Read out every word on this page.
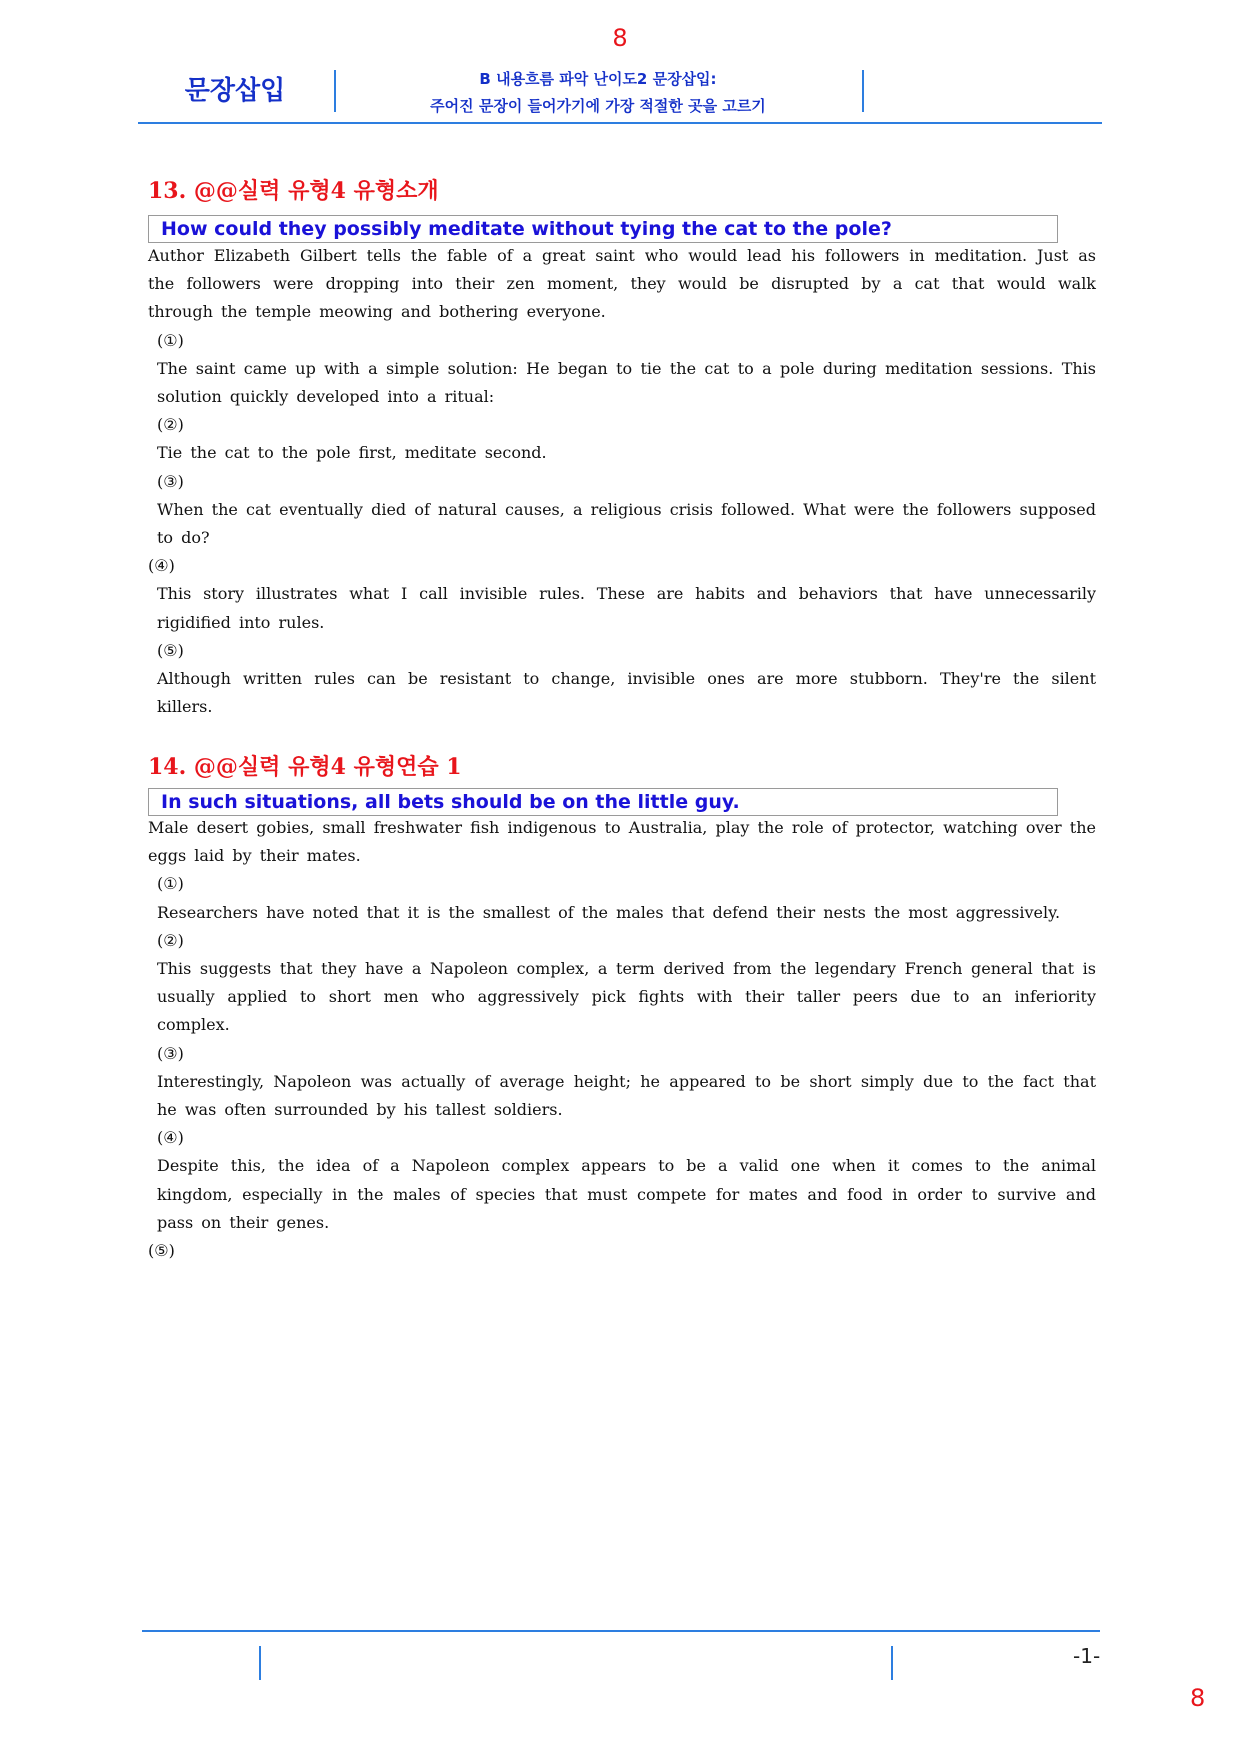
8
문장삽입	B 내용흐름 파악 난이도2 문장삽입:
주어진 문장이 들어가기에 가장 적절한 곳을 고르기
13. @@실력 유형4 유형소개
How could they possibly meditate without tying the cat to the pole?

Author Elizabeth Gilbert tells the fable of a great saint who would lead his followers in meditation. Just as the followers were dropping into their zen moment, they would be disrupted by a cat that would walk through the temple meowing and bothering everyone.

(①)

The saint came up with a simple solution: He began to tie the cat to a pole during meditation sessions. This solution quickly developed into a ritual:

(②)

Tie the cat to the pole first, meditate second.

(③)

When the cat eventually died of natural causes, a religious crisis followed. What were the followers supposed to do?

(④)

This story illustrates what I call invisible rules. These are habits and behaviors that have unnecessarily rigidified into rules.

(⑤)

Although written rules can be resistant to change, invisible ones are more stubborn. They're the silent killers.

14. @@실력 유형4 유형연습 1
In such situations, all bets should be on the little guy.

Male desert gobies, small freshwater fish indigenous to Australia, play the role of protector, watching over the eggs laid by their mates.

(①)

Researchers have noted that it is the smallest of the males that defend their nests the most aggressively.

(②)

This suggests that they have a Napoleon complex, a term derived from the legendary French general that is usually applied to short men who aggressively pick fights with their taller peers due to an inferiority complex.

(③)

Interestingly, Napoleon was actually of average height; he appeared to be short simply due to the fact that he was often surrounded by his tallest soldiers.

(④)

Despite this, the idea of a Napoleon complex appears to be a valid one when it comes to the animal kingdom, especially in the males of species that must compete for mates and food in order to survive and pass on their genes.

(⑤)

-1-
8
